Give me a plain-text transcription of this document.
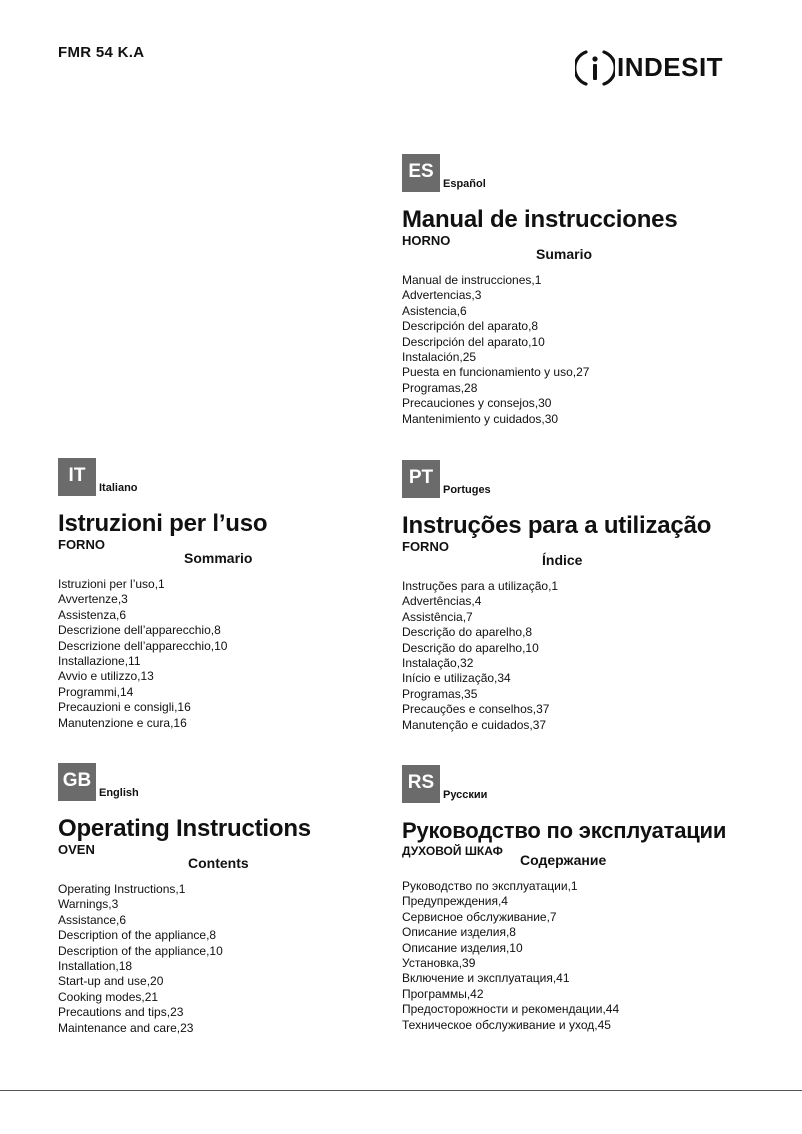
FMR 54 K.A	INDESIT
ES
Español
Manual de instrucciones
HORNO
Sumario
Manual de instrucciones,1
Advertencias,3
Asistencia,6
Descripción del aparato,8
Descripción del aparato,10
Instalación,25
Puesta en funcionamiento y uso,27
Programas,28
Precauciones y consejos,30
Mantenimiento y cuidados,30
IT
Italiano
Istruzioni per l’uso
FORNO
Sommario
Istruzioni per l’uso,1
Avvertenze,3
Assistenza,6
Descrizione dell’apparecchio,8
Descrizione dell’apparecchio,10
Installazione,11
Avvio e utilizzo,13
Programmi,14
Precauzioni e consigli,16
Manutenzione e cura,16
PT
Portuges
Instruções para a utilização
FORNO
Índice
Instruções para a utilização,1
Advertências,4
Assistência,7
Descrição do aparelho,8
Descrição do aparelho,10
Instalação,32
Início e utilização,34
Programas,35
Precauções e conselhos,37
Manutenção e cuidados,37
GB
English
Operating Instructions
OVEN
Contents
Operating Instructions,1
Warnings,3
Assistance,6
Description of the appliance,8
Description of the appliance,10
Installation,18
Start-up and use,20
Cooking modes,21
Precautions and tips,23
Maintenance and care,23
RS
Русскии
Руководство по эксплуатации
ДУХОВОЙ ШКАФ
Содержание
Руководство по эксплуатации,1
Предупреждения,4
Сервисное обслуживание,7
Описание изделия,8
Описание изделия,10
Установка,39
Включение и эксплуатация,41
Программы,42
Предосторожности и рекомендации,44
Техническое обслуживание и уход,45
